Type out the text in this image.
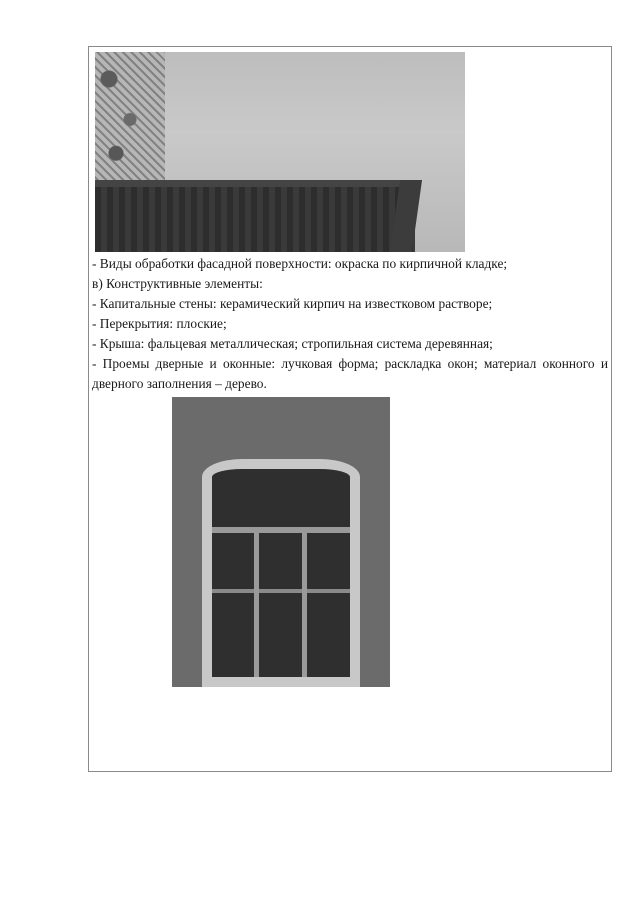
- Виды обработки фасадной поверхности: окраска по кирпичной кладке;

в) Конструктивные элементы:

- Капитальные стены: керамический кирпич на известковом растворе;

- Перекрытия: плоские;

- Крыша: фальцевая металлическая; стропильная система деревянная;

- Проемы дверные и оконные: лучковая форма; раскладка окон; материал оконного и дверного заполнения – дерево.
